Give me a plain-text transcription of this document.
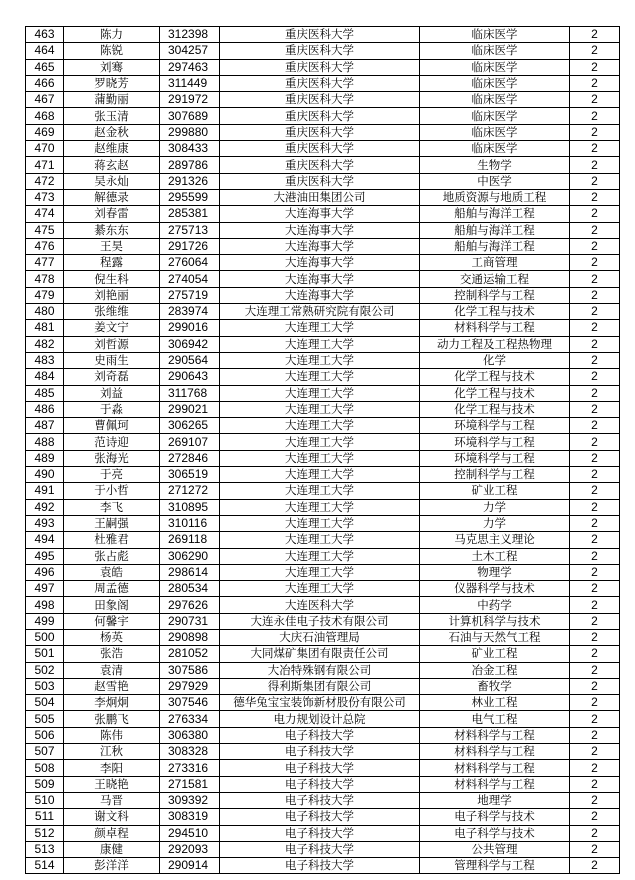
463	陈力	312398	重庆医科大学	临床医学	2
464	陈锐	304257	重庆医科大学	临床医学	2
465	刘骞	297463	重庆医科大学	临床医学	2
466	罗晓芳	311449	重庆医科大学	临床医学	2
467	蒲勤丽	291972	重庆医科大学	临床医学	2
468	张玉清	307689	重庆医科大学	临床医学	2
469	赵金秋	299880	重庆医科大学	临床医学	2
470	赵维康	308433	重庆医科大学	临床医学	2
471	蒋玄赵	289786	重庆医科大学	生物学	2
472	吴永灿	291326	重庆医科大学	中医学	2
473	解德录	295599	大港油田集团公司	地质资源与地质工程	2
474	刘春雷	285381	大连海事大学	船舶与海洋工程	2
475	綦东东	275713	大连海事大学	船舶与海洋工程	2
476	王昊	291726	大连海事大学	船舶与海洋工程	2
477	程露	276064	大连海事大学	工商管理	2
478	倪生科	274054	大连海事大学	交通运输工程	2
479	刘艳丽	275719	大连海事大学	控制科学与工程	2
480	张维维	283974	大连理工常熟研究院有限公司	化学工程与技术	2
481	姜文宁	299016	大连理工大学	材料科学与工程	2
482	刘哲源	306942	大连理工大学	动力工程及工程热物理	2
483	史雨生	290564	大连理工大学	化学	2
484	刘奇磊	290643	大连理工大学	化学工程与技术	2
485	刘益	311768	大连理工大学	化学工程与技术	2
486	于淼	299021	大连理工大学	化学工程与技术	2
487	曹佩珂	306265	大连理工大学	环境科学与工程	2
488	范诗迎	269107	大连理工大学	环境科学与工程	2
489	张海光	272846	大连理工大学	环境科学与工程	2
490	于亮	306519	大连理工大学	控制科学与工程	2
491	于小哲	271272	大连理工大学	矿业工程	2
492	李飞	310895	大连理工大学	力学	2
493	王嗣强	310116	大连理工大学	力学	2
494	杜雅君	269118	大连理工大学	马克思主义理论	2
495	张占彪	306290	大连理工大学	土木工程	2
496	袁皓	298614	大连理工大学	物理学	2
497	周孟德	280534	大连理工大学	仪器科学与技术	2
498	田象阁	297626	大连医科大学	中药学	2
499	何馨宇	290731	大连永佳电子技术有限公司	计算机科学与技术	2
500	杨英	290898	大庆石油管理局	石油与天然气工程	2
501	张浩	281052	大同煤矿集团有限责任公司	矿业工程	2
502	袁清	307586	大冶特殊钢有限公司	冶金工程	2
503	赵雪艳	297929	得利斯集团有限公司	畜牧学	2
504	李炯炯	307546	德华兔宝宝装饰新材股份有限公司	林业工程	2
505	张鹏飞	276334	电力规划设计总院	电气工程	2
506	陈伟	306380	电子科技大学	材料科学与工程	2
507	江秋	308328	电子科技大学	材料科学与工程	2
508	李阳	273316	电子科技大学	材料科学与工程	2
509	王晓艳	271581	电子科技大学	材料科学与工程	2
510	马晋	309392	电子科技大学	地理学	2
511	谢文科	308319	电子科技大学	电子科学与技术	2
512	颜卓程	294510	电子科技大学	电子科学与技术	2
513	康健	292093	电子科技大学	公共管理	2
514	彭洋洋	290914	电子科技大学	管理科学与工程	2
